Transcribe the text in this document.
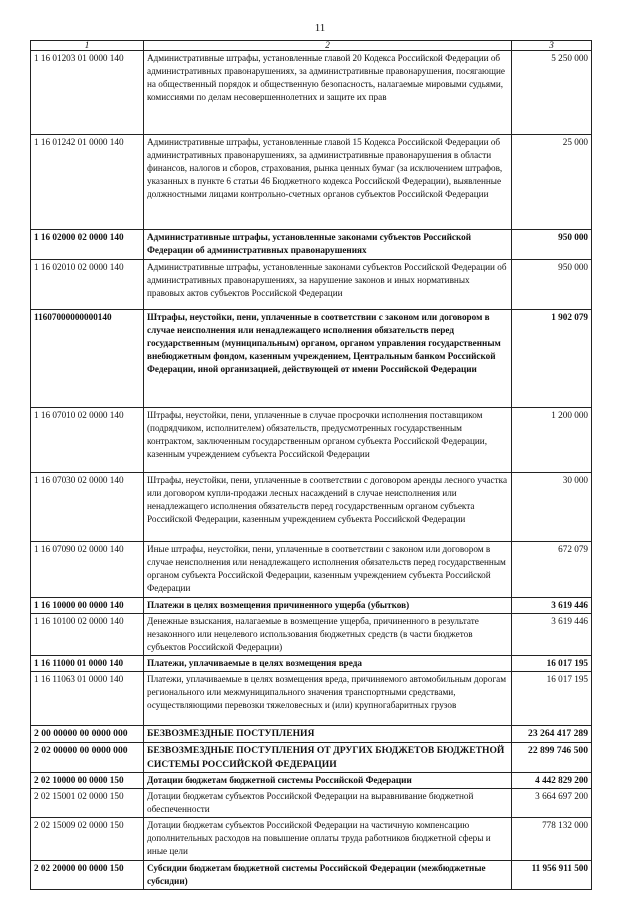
11
1	2	3
1 16 01203 01 0000 140	Административные штрафы, установленные главой 20 Кодекса Российской Федерации об административных правонарушениях, за административные правонарушения, посягающие на общественный порядок и общественную безопасность, налагаемые мировыми судьями, комиссиями по делам несовершеннолетних и защите их прав	5 250 000
1 16 01242 01 0000 140	Административные штрафы, установленные главой 15 Кодекса Российской Федерации об административных правонарушениях, за административные правонарушения в области финансов, налогов и сборов, страхования, рынка ценных бумаг (за исключением штрафов, указанных в пункте 6 статьи 46 Бюджетного кодекса Российской Федерации), выявленные должностными лицами контрольно-счетных органов субъектов Российской Федерации	25 000
1 16 02000 02 0000 140	Административные штрафы, установленные законами субъектов Российской Федерации об административных правонарушениях	950 000
1 16 02010 02 0000 140	Административные штрафы, установленные законами субъектов Российской Федерации об административных правонарушениях, за нарушение законов и иных нормативных правовых актов субъектов Российской Федерации	950 000
11607000000000140	Штрафы, неустойки, пени, уплаченные в соответствии с законом или договором в случае неисполнения или ненадлежащего исполнения обязательств перед государственным (муниципальным) органом, органом управления государственным внебюджетным фондом, казенным учреждением, Центральным банком Российской Федерации, иной организацией, действующей от имени Российской Федерации	1 902 079
1 16 07010 02 0000 140	Штрафы, неустойки, пени, уплаченные в случае просрочки исполнения поставщиком (подрядчиком, исполнителем) обязательств, предусмотренных государственным контрактом, заключенным государственным органом субъекта Российской Федерации, казенным учреждением субъекта Российской Федерации	1 200 000
1 16 07030 02 0000 140	Штрафы, неустойки, пени, уплаченные в соответствии с договором аренды лесного участка или договором купли-продажи лесных насаждений в случае неисполнения или ненадлежащего исполнения обязательств перед государственным органом субъекта Российской Федерации, казенным учреждением субъекта Российской Федерации	30 000
1 16 07090 02 0000 140	Иные штрафы, неустойки, пени, уплаченные в соответствии с законом или договором в случае неисполнения или ненадлежащего исполнения обязательств перед государственным органом субъекта Российской Федерации, казенным учреждением субъекта Российской Федерации	672 079
1 16 10000 00 0000 140	Платежи в целях возмещения причиненного ущерба (убытков)	3 619 446
1 16 10100 02 0000 140	Денежные взыскания, налагаемые в возмещение ущерба, причиненного в результате незаконного или нецелевого использования бюджетных средств (в части бюджетов субъектов Российской Федерации)	3 619 446
1 16 11000 01 0000 140	Платежи, уплачиваемые в целях возмещения вреда	16 017 195
1 16 11063 01 0000 140	Платежи, уплачиваемые в целях возмещения вреда, причиняемого автомобильным дорогам регионального или межмуниципального значения транспортными средствами, осуществляющими перевозки тяжеловесных и (или) крупногабаритных грузов	16 017 195
2 00 00000 00 0000 000	БЕЗВОЗМЕЗДНЫЕ ПОСТУПЛЕНИЯ	23 264 417 289
2 02 00000 00 0000 000	БЕЗВОЗМЕЗДНЫЕ ПОСТУПЛЕНИЯ ОТ ДРУГИХ БЮДЖЕТОВ БЮДЖЕТНОЙ СИСТЕМЫ РОССИЙСКОЙ ФЕДЕРАЦИИ	22 899 746 500
2 02 10000 00 0000 150	Дотации бюджетам бюджетной системы Российской Федерации	4 442 829 200
2 02 15001 02 0000 150	Дотации бюджетам субъектов Российской Федерации на выравнивание бюджетной обеспеченности	3 664 697 200
2 02 15009 02 0000 150	Дотации бюджетам субъектов Российской Федерации на частичную компенсацию дополнительных расходов на повышение оплаты труда работников бюджетной сферы и иные цели	778 132 000
2 02 20000 00 0000 150	Субсидии бюджетам бюджетной системы Российской Федерации (межбюджетные субсидии)	11 956 911 500
